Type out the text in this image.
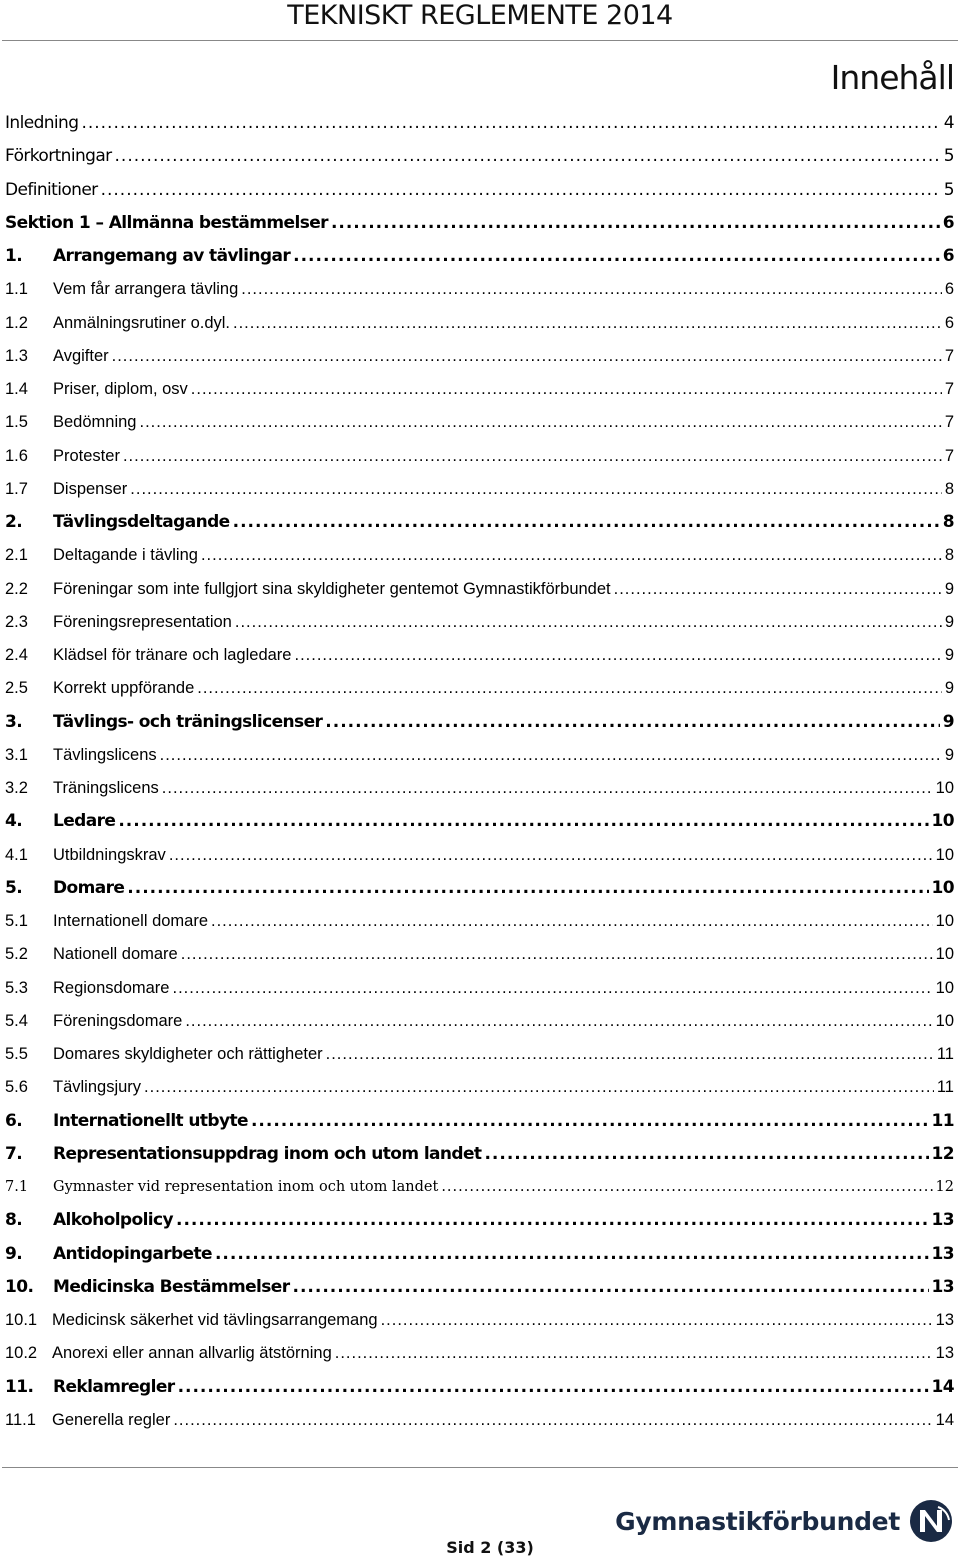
TEKNISKT REGLEMENTE 2014
Innehåll
Inledning .....	4
Förkortningar .....	5
Definitioner .....	5
Sektion 1 – Allmänna bestämmelser .....	6
1.	Arrangemang av tävlingar .....	6
1.1	Vem får arrangera tävling .....	6
1.2	Anmälningsrutiner o.dyl. .....	6
1.3	Avgifter .....	7
1.4	Priser, diplom, osv .....	7
1.5	Bedömning .....	7
1.6	Protester .....	7
1.7	Dispenser .....	8
2.	Tävlingsdeltagande .....	8
2.1	Deltagande i tävling .....	8
2.2	Föreningar som inte fullgjort sina skyldigheter gentemot Gymnastikförbundet .....	9
2.3	Föreningsrepresentation .....	9
2.4	Klädsel för tränare och lagledare .....	9
2.5	Korrekt uppförande .....	9
3.	Tävlings- och träningslicenser .....	9
3.1	Tävlingslicens .....	9
3.2	Träningslicens .....	10
4.	Ledare .....	10
4.1	Utbildningskrav .....	10
5.	Domare .....	10
5.1	Internationell domare .....	10
5.2	Nationell domare .....	10
5.3	Regionsdomare .....	10
5.4	Föreningsdomare .....	10
5.5	Domares skyldigheter och rättigheter .....	11
5.6	Tävlingsjury .....	11
6.	Internationellt utbyte .....	11
7.	Representationsuppdrag inom och utom landet .....	12
7.1	Gymnaster vid representation inom och utom landet .....	12
8.	Alkoholpolicy .....	13
9.	Antidopingarbete .....	13
10.	Medicinska Bestämmelser .....	13
10.1 Medicinsk säkerhet vid tävlingsarrangemang .....	13
10.2 Anorexi eller annan allvarlig ätstörning .....	13
11.	Reklamregler .....	14
11.1 Generella regler .....	14
Gymnastikförbundet
Sid 2 (33)
